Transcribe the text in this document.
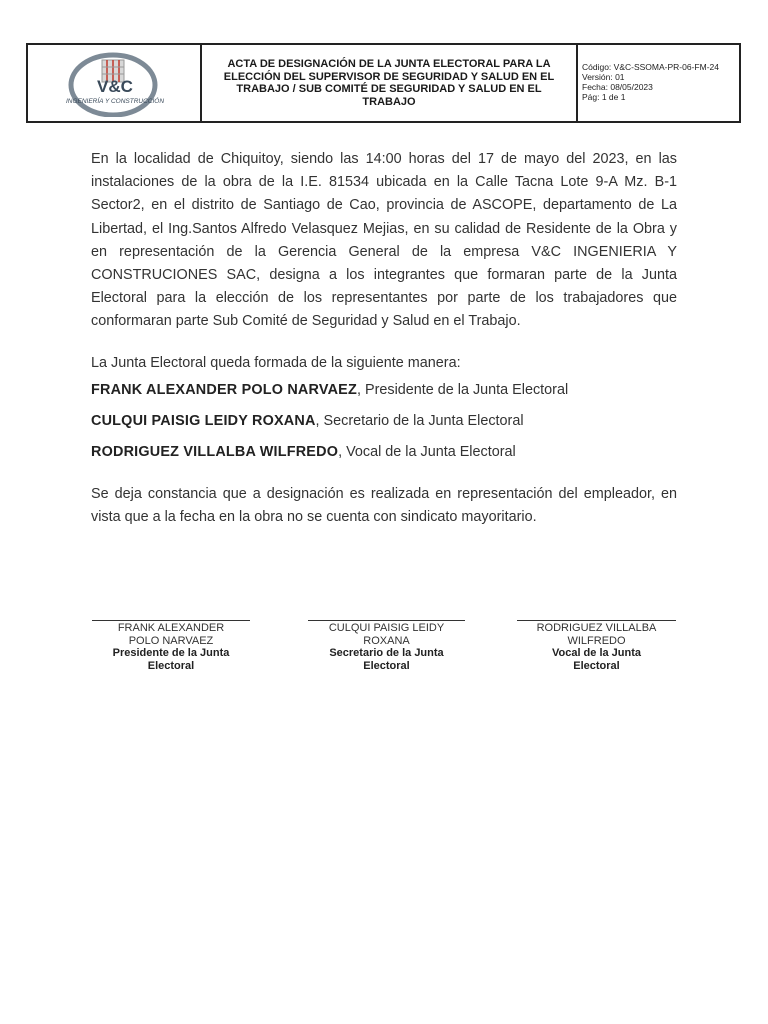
V&C
INGENIERÍA Y CONSTRUCCIÓN
ACTA DE DESIGNACIÓN DE LA JUNTA ELECTORAL PARA LA ELECCIÓN DEL SUPERVISOR DE SEGURIDAD Y SALUD EN EL TRABAJO / SUB COMITÉ DE SEGURIDAD Y SALUD EN EL TRABAJO
Código: V&C-SSOMA-PR-06-FM-24
Versión: 01
Fecha: 08/05/2023
Pág: 1 de 1
En la localidad de Chiquitoy, siendo las 14:00 horas del 17 de mayo del 2023, en las instalaciones de la obra de la I.E. 81534 ubicada en la Calle Tacna Lote 9-A Mz. B-1 Sector2, en el distrito de Santiago de Cao, provincia de ASCOPE, departamento de La Libertad, el Ing.Santos Alfredo Velasquez Mejias, en su calidad de Residente de la Obra y en representación de la Gerencia General de la empresa V&C INGENIERIA Y CONSTRUCIONES SAC, designa a los integrantes que formaran parte de la Junta Electoral para la elección de los representantes por parte de los trabajadores que conformaran parte Sub Comité de Seguridad y Salud en el Trabajo.
La Junta Electoral queda formada de la siguiente manera:
FRANK ALEXANDER POLO NARVAEZ, Presidente de la Junta Electoral
CULQUI PAISIG LEIDY ROXANA, Secretario de la Junta Electoral
RODRIGUEZ VILLALBA WILFREDO, Vocal de la Junta Electoral
Se deja constancia que a designación es realizada en representación del empleador, en vista que a la fecha en la obra no se cuenta con sindicato mayoritario.
FRANK ALEXANDER
POLO NARVAEZ
Presidente de la Junta
Electoral
CULQUI PAISIG LEIDY
ROXANA
Secretario de la Junta
Electoral
RODRIGUEZ VILLALBA
WILFREDO
Vocal de la Junta
Electoral
